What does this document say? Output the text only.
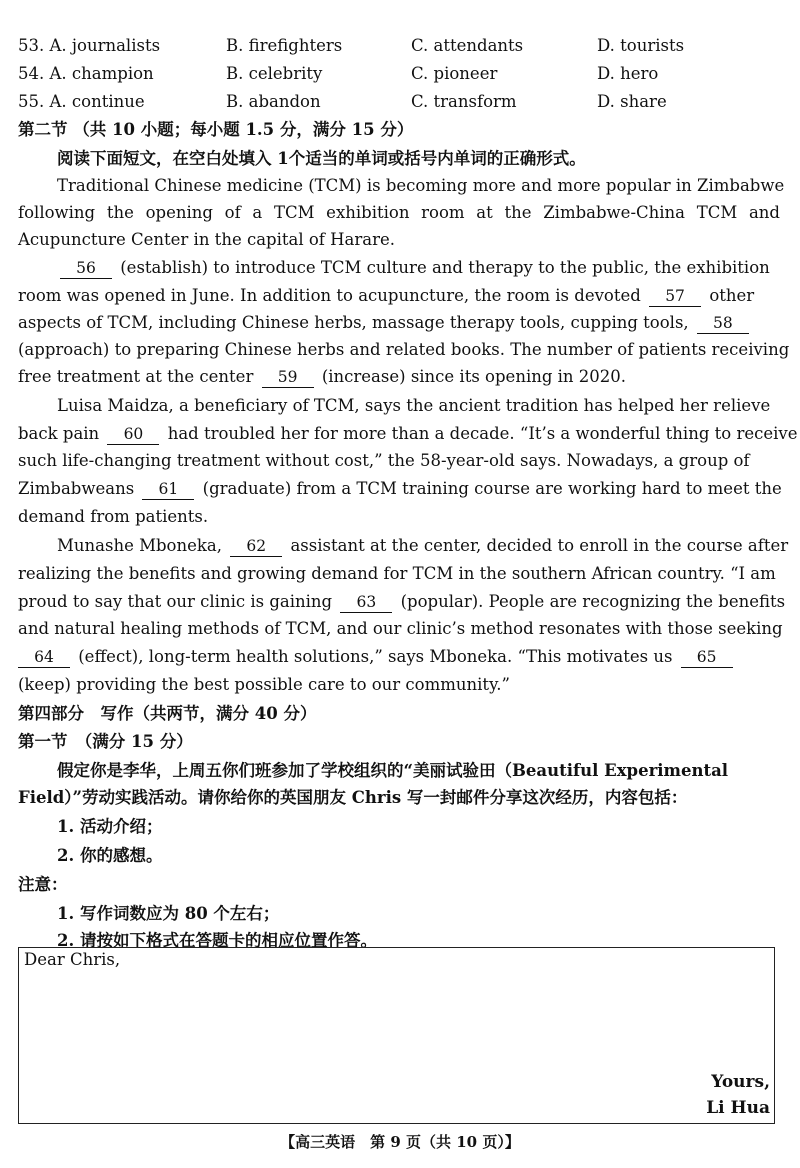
53. A. journalists	B. firefighters	C. attendants	D. tourists
54. A. champion	B. celebrity	C. pioneer	D. hero
55. A. continue	B. abandon	C. transform	D. share
第二节 （共 10 小题；每小题 1.5 分，满分 15 分）
阅读下面短文，在空白处填入 1个适当的单词或括号内单词的正确形式。
Traditional Chinese medicine (TCM) is becoming more and more popular in Zimbabwe
following the opening of a TCM exhibition room at the Zimbabwe-China TCM and
Acupuncture Center in the capital of Harare.
56 (establish) to introduce TCM culture and therapy to the public, the exhibition
room was opened in June. In addition to acupuncture, the room is devoted 57 other
aspects of TCM, including Chinese herbs, massage therapy tools, cupping tools, 58
(approach) to preparing Chinese herbs and related books. The number of patients receiving
free treatment at the center 59 (increase) since its opening in 2020.
Luisa Maidza, a beneficiary of TCM, says the ancient tradition has helped her relieve
back pain 60 had troubled her for more than a decade. “It’s a wonderful thing to receive
such life-changing treatment without cost,” the 58-year-old says. Nowadays, a group of
Zimbabweans 61 (graduate) from a TCM training course are working hard to meet the
demand from patients.
Munashe Mboneka, 62 assistant at the center, decided to enroll in the course after
realizing the benefits and growing demand for TCM in the southern African country. “I am
proud to say that our clinic is gaining 63 (popular). People are recognizing the benefits
and natural healing methods of TCM, and our clinic’s method resonates with those seeking
64 (effect), long-term health solutions,” says Mboneka. “This motivates us 65
(keep) providing the best possible care to our community.”
第四部分　写作（共两节，满分 40 分）
第一节　（满分 15 分）
假定你是李华，上周五你们班参加了学校组织的“美丽试验田（Beautiful Experimental
Field）”劳动实践活动。请你给你的英国朋友 Chris 写一封邮件分享这次经历，内容包括：
1. 活动介绍；
2. 你的感想。
注意：
1. 写作词数应为 80 个左右；
2. 请按如下格式在答题卡的相应位置作答。
Dear Chris,
Yours,
Li Hua
【高三英语　第 9 页（共 10 页）】
